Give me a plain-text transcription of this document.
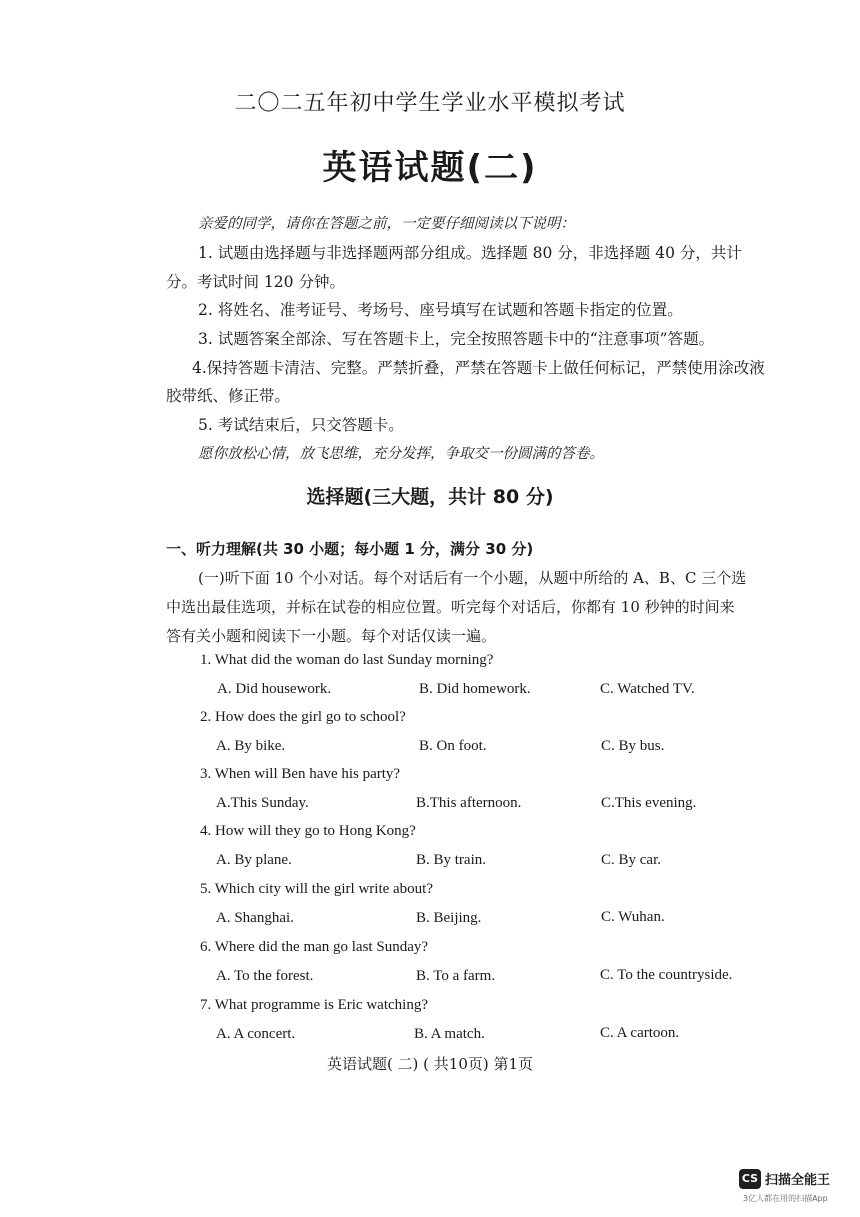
二〇二五年初中学生学业水平模拟考试
英语试题(二)
亲爱的同学，请你在答题之前，一定要仔细阅读以下说明：
1. 试题由选择题与非选择题两部分组成。选择题 80 分，非选择题 40 分，共计
分。考试时间 120 分钟。
2. 将姓名、准考证号、考场号、座号填写在试题和答题卡指定的位置。
3. 试题答案全部涂、写在答题卡上，完全按照答题卡中的“注意事项”答题。
4.保持答题卡清洁、完整。严禁折叠，严禁在答题卡上做任何标记，严禁使用涂改液
胶带纸、修正带。
5. 考试结束后，只交答题卡。
愿你放松心情，放飞思维，充分发挥，争取交一份圆满的答卷。
选择题(三大题，共计 80 分)
一、听力理解(共 30 小题；每小题 1 分，满分 30 分)
(一)听下面 10 个小对话。每个对话后有一个小题，从题中所给的 A、B、C 三个选
中选出最佳选项，并标在试卷的相应位置。听完每个对话后，你都有 10 秒钟的时间来
答有关小题和阅读下一小题。每个对话仅读一遍。
1. What did the woman do last Sunday morning?
A. Did housework.	B. Did homework.	C. Watched TV.
2. How does the girl go to school?
A. By bike.	B. On foot.	C. By bus.
3. When will Ben have his party?
A.This Sunday.	B.This afternoon.	C.This evening.
4. How will they go to Hong Kong?
A. By plane.	B. By train.	C. By car.
5. Which city will the girl write about?
A. Shanghai.	B. Beijing.	C. Wuhan.
6. Where did the man go last Sunday?
A. To the forest.	B. To a farm.	C. To the countryside.
7. What programme is Eric watching?
A. A concert.	B. A match.	C. A cartoon.
英语试题( 二) ( 共10页) 第1页
CS 扫描全能王
3亿人都在用的扫描App
